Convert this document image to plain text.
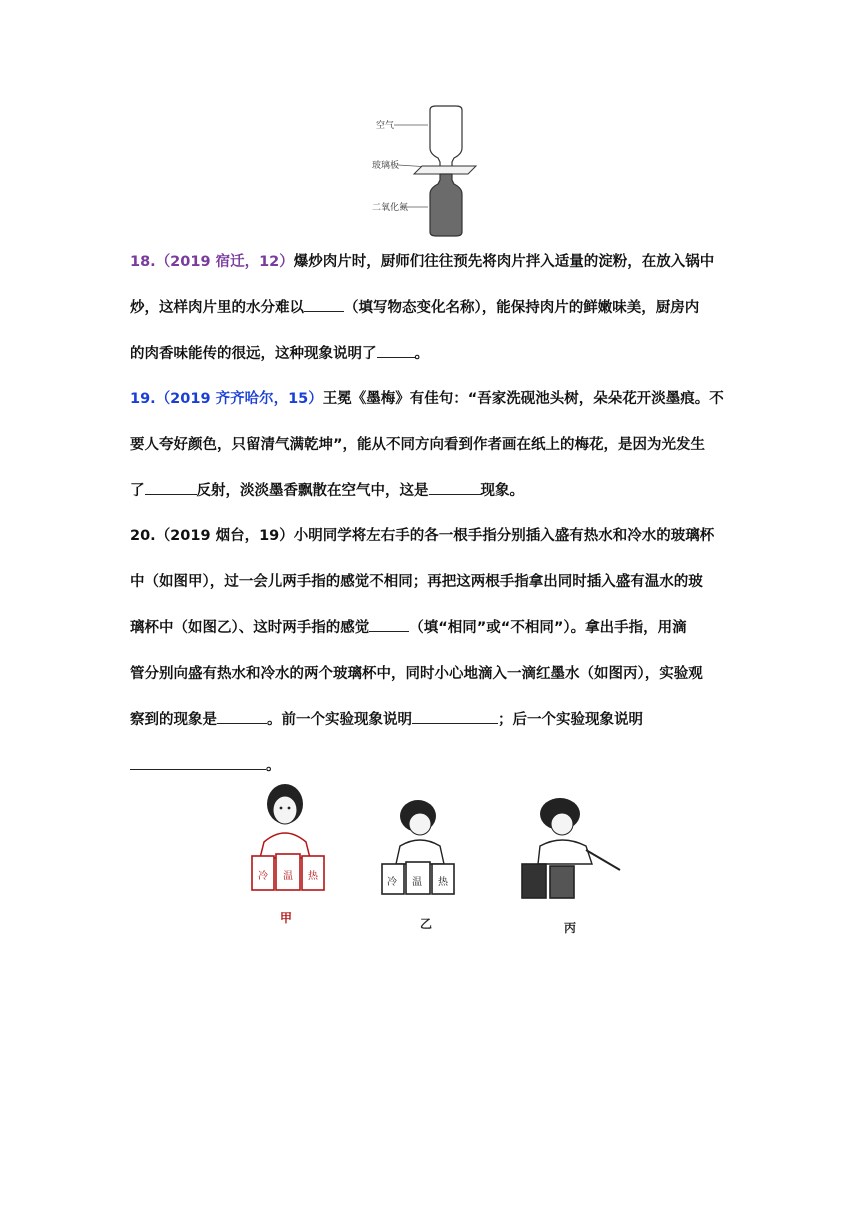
空气
玻璃板
二氧化氮
18.（2019 宿迁，12）爆炒肉片时，厨师们往往预先将肉片拌入适量的淀粉，在放入锅中
炒，这样肉片里的水分难以	（填写物态变化名称），能保持肉片的鲜嫩味美，厨房内
的肉香味能传的很远，这种现象说明了	。
19.（2019 齐齐哈尔，15）王冕《墨梅》有佳句：“吾家洗砚池头树，朵朵花开淡墨痕。不
要人夸好颜色，只留清气满乾坤”，能从不同方向看到作者画在纸上的梅花，是因为光发生
了	反射，淡淡墨香飘散在空气中，这是	现象。
20.（2019 烟台，19）小明同学将左右手的各一根手指分别插入盛有热水和冷水的玻璃杯
中（如图甲），过一会儿两手指的感觉不相同；再把这两根手指拿出同时插入盛有温水的玻
璃杯中（如图乙）、这时两手指的感觉	（填“相同”或“不相同”）。拿出手指，用滴
管分别向盛有热水和冷水的两个玻璃杯中，同时小心地滴入一滴红墨水（如图丙），实验观
察到的现象是	。前一个实验现象说明	；后一个实验现象说明
。
冷 温 热
甲
冷 温 热
乙	丙
